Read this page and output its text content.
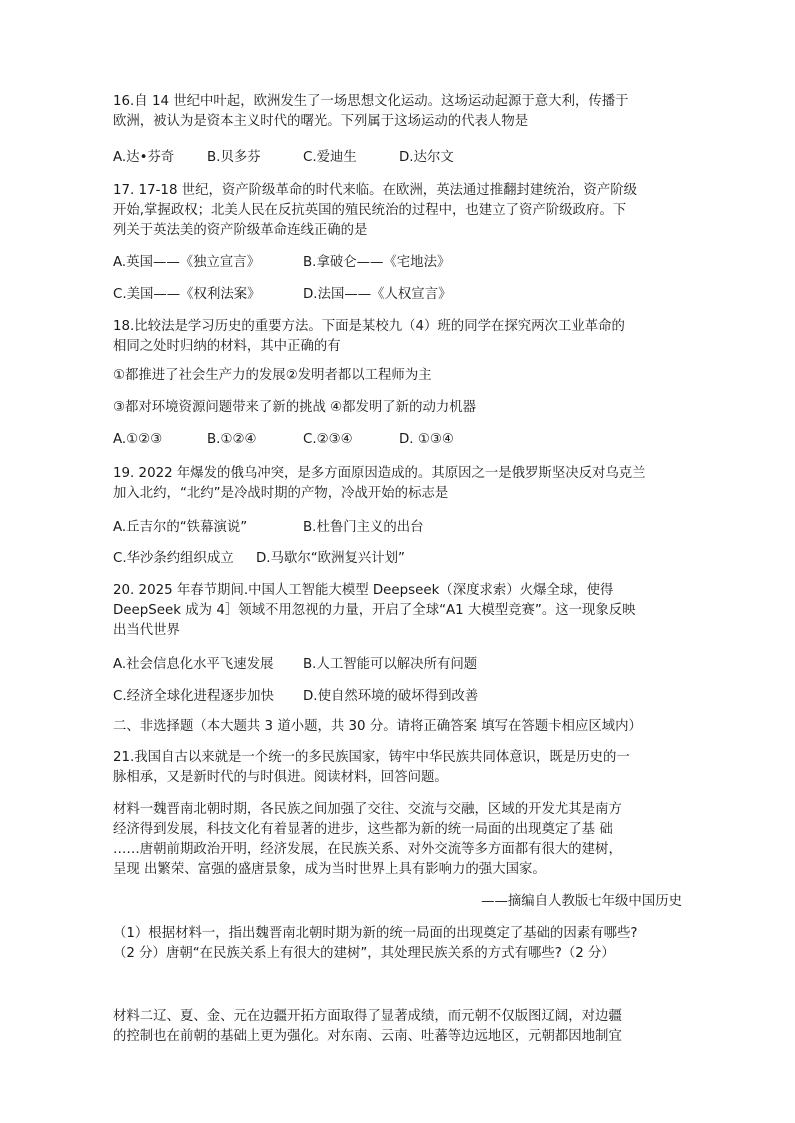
16.自 14 世纪中叶起，欧洲发生了一场思想文化运动。这场运动起源于意大利，传播于
欧洲，被认为是资本主义时代的曙光。下列属于这场运动的代表人物是
A.达•芬奇 B.贝多芬	C.爱迪生	D.达尔文
17. 17-18 世纪，资产阶级革命的时代来临。在欧洲，英法通过推翻封建统治，资产阶级
开始,掌握政权；北美人民在反抗英国的殖民统治的过程中，也建立了资产阶级政府。下
列关于英法美的资产阶级革命连线正确的是
A.英国——《独立宣言》	B.拿破仑——《宅地法》
C.美国——《权利法案》	D.法国——《人权宣言》
18.比较法是学习历史的重要方法。下面是某校九（4）班的同学在探究两次工业革命的
相同之处时归纳的材料，其中正确的有
①都推进了社会生产力的发展②发明者都以工程师为主
③都对环境资源问题带来了新的挑战 ④都发明了新的动力机器
A.①②③	B.①②④	C.②③④	D. ①③④
19. 2022 年爆发的俄乌冲突，是多方面原因造成的。其原因之一是俄罗斯坚决反对乌克兰
加入北约，“北约”是冷战时期的产物，冷战开始的标志是
A.丘吉尔的“铁幕演说”	B.杜鲁门主义的出台
C.华沙条约组织成立 D.马歇尔“欧洲复兴计划”
20. 2025 年春节期间.中国人工智能大模型 Deepseek（深度求索）火爆全球，使得
DeepSeek 成为 4］领域不用忽视的力量，开启了全球“A1 大模型竞赛”。这一现象反映
出当代世界
A.社会信息化水平飞速发展 B.人工智能可以解决所有问题
C.经济全球化进程逐步加快 D.使自然环境的破坏得到改善
二、非选择题（本大题共 3 道小题，共 30 分。请将正确答案 填写在答题卡相应区域内）
21.我国自古以来就是一个统一的多民族国家，铸牢中华民族共同体意识，既是历史的一
脉相承，又是新时代的与时俱进。阅读材料，回答问题。
材料一魏晋南北朝时期，各民族之间加强了交往、交流与交融，区域的开发尤其是南方
经济得到发展，科技文化有着显著的进步，这些都为新的统一局面的出现奠定了基 础
……唐朝前期政治开明，经济发展，在民族关系、对外交流等多方面都有很大的建树，
呈现 出繁荣、富强的盛唐景象，成为当时世界上具有影响力的强大国家。
——摘编自人教版七年级中国历史
（1）根据材料一，指出魏晋南北朝时期为新的统一局面的出现奠定了基础的因素有哪些?
（2 分）唐朝“在民族关系上有很大的建树”，其处理民族关系的方式有哪些?（2 分）
材料二辽、夏、金、元在边疆开拓方面取得了显著成绩，而元朝不仅版图辽阔，对边疆
的控制也在前朝的基础上更为强化。对东南、云南、吐蕃等边远地区，元朝都因地制宜
